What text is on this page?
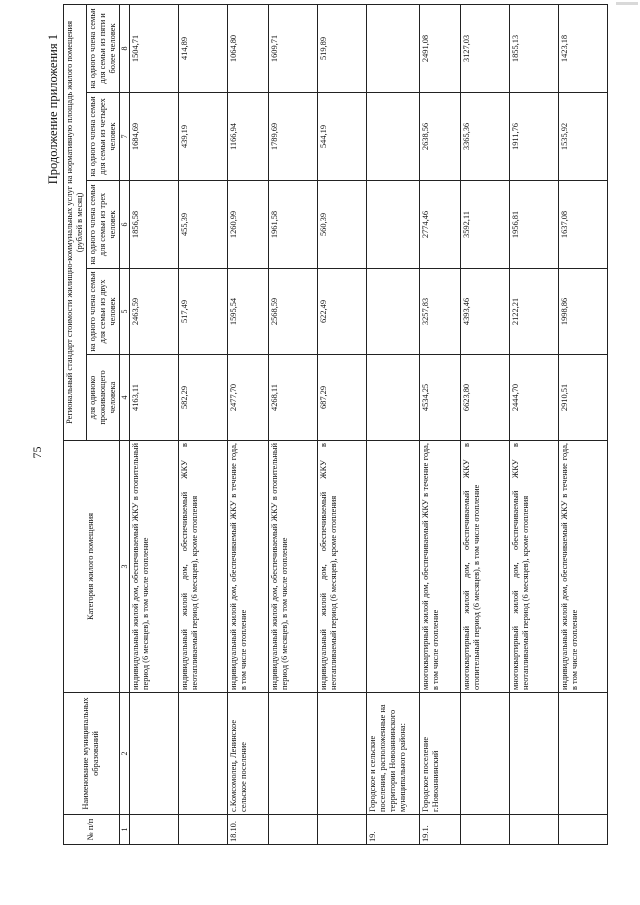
75
Продолжение приложения 1
№ п/п	Наименование муниципальных образований	Категория жилого помещения	Региональный стандарт стоимости жилищно-коммунальных услуг на нормативную площадь жилого помещения (рублей в месяц)				
			для одиноко проживающего человека	на одного члена семьи для семьи из двух человек	на одного члена семьи для семьи из трех человек	на одного члена семьи для семьи из четырех человек	на одного члена семьи для семьи из пяти и более человек
1	2	3	4	5	6	7	8
		индивидуальный жилой дом, обеспечиваемый ЖКУ в отопительный период (6 месяцев), в том числе отопление	4163,11	2463,59	1856,58	1684,69	1504,71
		индивидуальный жилой дом, обеспечиваемый ЖКУ в неотапливаемый период (6 месяцев), кроме отопления	582,29	517,49	455,39	439,19	414,89
18.10.	с.Комсомолец, Ленинское сельское поселение	индивидуальный жилой дом, обеспечиваемый ЖКУ в течение года, в том числе отопление	2477,70	1595,54	1260,99	1166,94	1064,80
		индивидуальный жилой дом, обеспечиваемый ЖКУ в отопительный период (6 месяцев), в том числе отопление	4268,11	2568,59	1961,58	1789,69	1609,71
		индивидуальный жилой дом, обеспечиваемый ЖКУ в неотапливаемый период (6 месяцев), кроме отопления	687,29	622,49	560,39	544,19	519,89
19.	Городское и сельские поселения, расположенные на территории Новоаннинского муниципального района:						
19.1.	Городское поселение г.Новоаннинский	многоквартирный жилой дом, обеспечиваемый ЖКУ в течение года, в том числе отопление	4534,25	3257,83	2774,46	2638,56	2491,08
		многоквартирный жилой дом, обеспечиваемый ЖКУ в отопительный период (6 месяцев), в том числе отопление	6623,80	4393,46	3592,11	3365,36	3127,03
		многоквартирный жилой дом, обеспечиваемый ЖКУ в неотапливаемый период (6 месяцев), кроме отопления	2444,70	2122,21	1956,81	1911,76	1855,13
		индивидуальный жилой дом, обеспечиваемый ЖКУ в течение года, в том числе отопление	2910,51	1998,86	1637,08	1535,92	1423,18
